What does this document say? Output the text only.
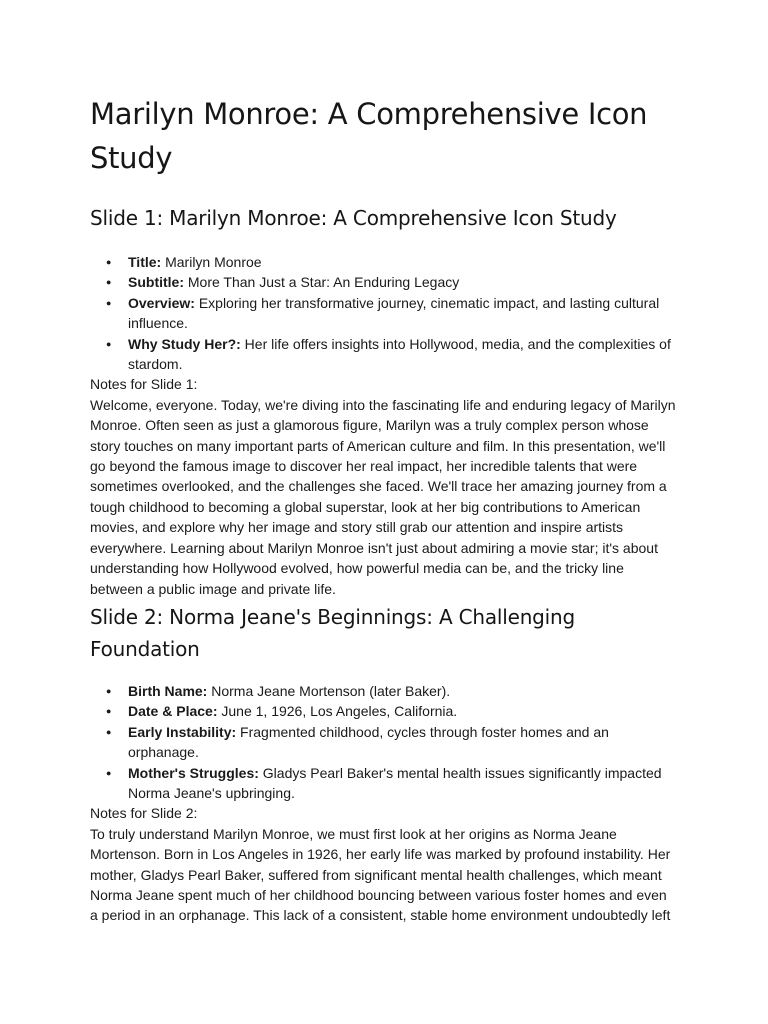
Marilyn Monroe: A Comprehensive Icon Study
Slide 1: Marilyn Monroe: A Comprehensive Icon Study
● Title: Marilyn Monroe
● Subtitle: More Than Just a Star: An Enduring Legacy
● Overview: Exploring her transformative journey, cinematic impact, and lasting cultural influence.
● Why Study Her?: Her life offers insights into Hollywood, media, and the complexities of stardom.

Notes for Slide 1:

Welcome, everyone. Today, we're diving into the fascinating life and enduring legacy of Marilyn Monroe. Often seen as just a glamorous figure, Marilyn was a truly complex person whose story touches on many important parts of American culture and film. In this presentation, we'll go beyond the famous image to discover her real impact, her incredible talents that were sometimes overlooked, and the challenges she faced. We'll trace her amazing journey from a tough childhood to becoming a global superstar, look at her big contributions to American movies, and explore why her image and story still grab our attention and inspire artists everywhere. Learning about Marilyn Monroe isn't just about admiring a movie star; it's about understanding how Hollywood evolved, how powerful media can be, and the tricky line between a public image and private life.

Slide 2: Norma Jeane's Beginnings: A Challenging Foundation
● Birth Name: Norma Jeane Mortenson (later Baker).
● Date & Place: June 1, 1926, Los Angeles, California.
● Early Instability: Fragmented childhood, cycles through foster homes and an orphanage.
● Mother's Struggles: Gladys Pearl Baker's mental health issues significantly impacted Norma Jeane's upbringing.

Notes for Slide 2:

To truly understand Marilyn Monroe, we must first look at her origins as Norma Jeane Mortenson. Born in Los Angeles in 1926, her early life was marked by profound instability. Her mother, Gladys Pearl Baker, suffered from significant mental health challenges, which meant Norma Jeane spent much of her childhood bouncing between various foster homes and even a period in an orphanage. This lack of a consistent, stable home environment undoubtedly left
